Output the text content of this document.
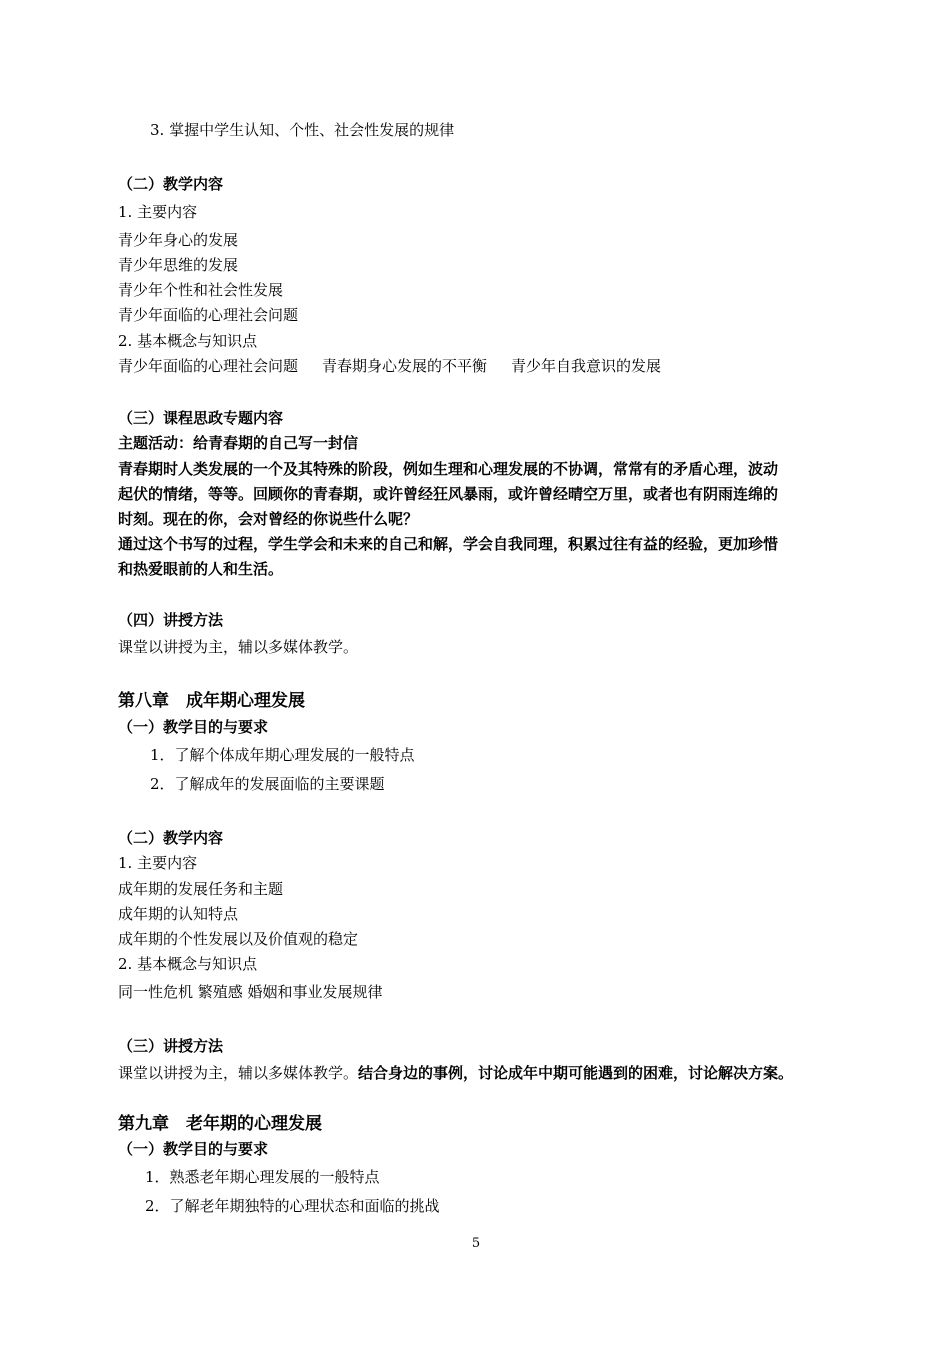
3. 掌握中学生认知、个性、社会性发展的规律
（二）教学内容
1. 主要内容
青少年身心的发展
青少年思维的发展
青少年个性和社会性发展
青少年面临的心理社会问题
2. 基本概念与知识点
青少年面临的心理社会问题 青春期身心发展的不平衡 青少年自我意识的发展
（三）课程思政专题内容
主题活动：给青春期的自己写一封信
青春期时人类发展的一个及其特殊的阶段，例如生理和心理发展的不协调，常常有的矛盾心理，波动
起伏的情绪，等等。回顾你的青春期，或许曾经狂风暴雨，或许曾经晴空万里，或者也有阴雨连绵的
时刻。现在的你，会对曾经的你说些什么呢？
通过这个书写的过程，学生学会和未来的自己和解，学会自我同理，积累过往有益的经验，更加珍惜
和热爱眼前的人和生活。
（四）讲授方法
课堂以讲授为主，辅以多媒体教学。
第八章　成年期心理发展
（一）教学目的与要求
1．了解个体成年期心理发展的一般特点
2．了解成年的发展面临的主要课题
（二）教学内容
1. 主要内容
成年期的发展任务和主题
成年期的认知特点
成年期的个性发展以及价值观的稳定
2. 基本概念与知识点
同一性危机 繁殖感 婚姻和事业发展规律
（三）讲授方法
课堂以讲授为主，辅以多媒体教学。结合身边的事例，讨论成年中期可能遇到的困难，讨论解决方案。
第九章　老年期的心理发展
（一）教学目的与要求
1．熟悉老年期心理发展的一般特点
2．了解老年期独特的心理状态和面临的挑战
5
